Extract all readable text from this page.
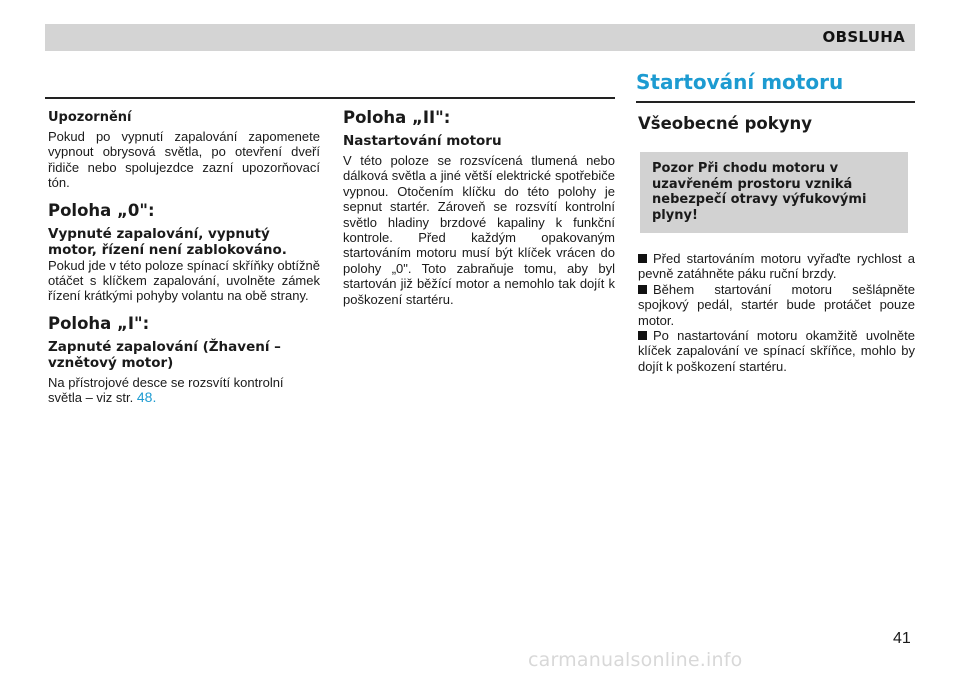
OBSLUHA
Startování motoru

Upozornění

Pokud po vypnutí zapalování zapomenete vypnout obrysová světla, po otevření dveří řidiče nebo spolujezdce zazní upozorňovací tón.

Poloha „0":

Vypnuté zapalování, vypnutý motor, řízení není zablokováno.

Pokud jde v této poloze spínací skříňky obtížně otáčet s klíčkem zapalování, uvolněte zámek řízení krátkými pohyby volantu na obě strany.

Poloha „I":

Zapnuté zapalování (Žhavení – vznětový motor)

Na přístrojové desce se rozsvítí kontrolní světla – viz str. 48.

Poloha „II":

Nastartování motoru

V této poloze se rozsvícená tlumená nebo dálková světla a jiné větší elektrické spotřebiče vypnou. Otočením klíčku do této polohy je sepnut startér. Zároveň se rozsvítí kontrolní světlo hladiny brzdové kapaliny k funkční kontrole. Před každým opakovaným startováním motoru musí být klíček vrácen do polohy „0". Toto zabraňuje tomu, aby byl startován již běžící motor a nemohlo tak dojít k poškození startéru.

Všeobecné pokyny

Pozor Při chodu motoru v uzavřeném prostoru vzniká nebezpečí otravy výfukovými plyny!

Před startováním motoru vyřaďte rychlost a pevně zatáhněte páku ruční brzdy.

Během startování motoru sešlápněte spojkový pedál, startér bude protáčet pouze motor.

Po nastartování motoru okamžitě uvolněte klíček zapalování ve spínací skříňce, mohlo by dojít k poškození startéru.

41
carmanualsonline.info
